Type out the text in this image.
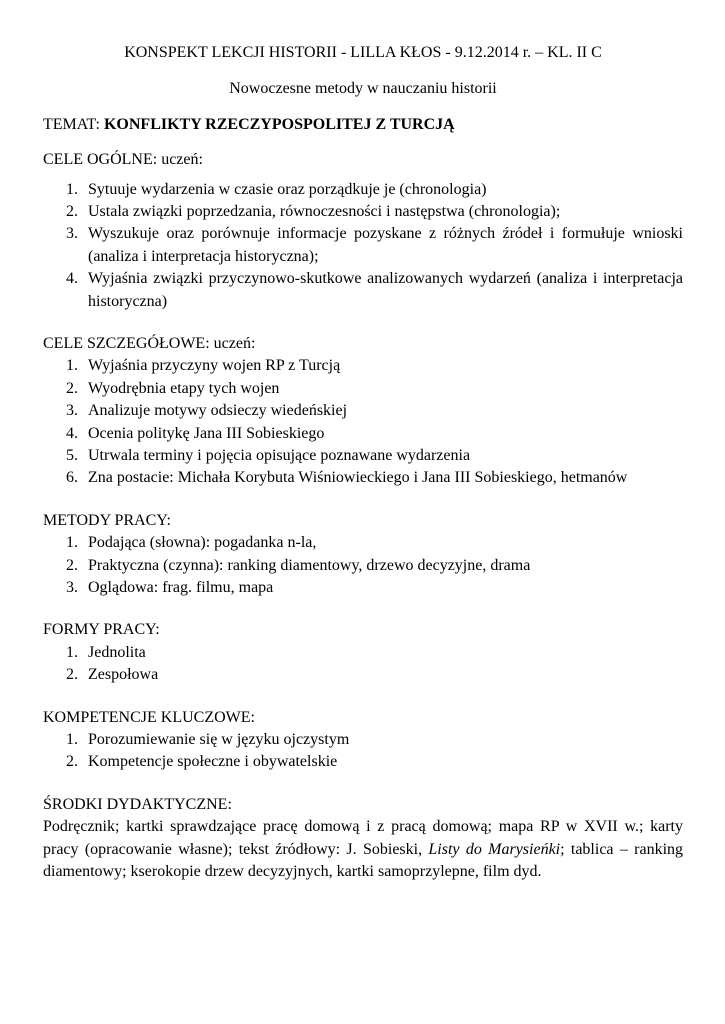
KONSPEKT LEKCJI HISTORII - LILLA KŁOS - 9.12.2014 r. – KL. II C
Nowoczesne metody w nauczaniu historii
TEMAT: KONFLIKTY RZECZYPOSPOLITEJ Z TURCJĄ
CELE OGÓLNE: uczeń:
1. Sytuuje wydarzenia w czasie oraz porządkuje je (chronologia)
2. Ustala związki poprzedzania, równoczesności i następstwa (chronologia);
3. Wyszukuje oraz porównuje informacje pozyskane z różnych źródeł i formułuje wnioski (analiza i interpretacja historyczna);
4. Wyjaśnia związki przyczynowo-skutkowe analizowanych wydarzeń (analiza i interpretacja historyczna)
CELE SZCZEGÓŁOWE: uczeń:
1. Wyjaśnia przyczyny wojen RP z Turcją
2. Wyodrębnia etapy tych wojen
3. Analizuje motywy odsieczy wiedeńskiej
4. Ocenia politykę Jana III Sobieskiego
5. Utrwala terminy i pojęcia opisujące poznawane wydarzenia
6. Zna postacie: Michała Korybuta Wiśniowieckiego i Jana III Sobieskiego, hetmanów
METODY PRACY:
1. Podająca (słowna): pogadanka n-la,
2. Praktyczna (czynna): ranking diamentowy, drzewo decyzyjne, drama
3. Oglądowa: frag. filmu, mapa
FORMY PRACY:
1. Jednolita
2. Zespołowa
KOMPETENCJE KLUCZOWE:
1. Porozumiewanie się w języku ojczystym
2. Kompetencje społeczne i obywatelskie
ŚRODKI DYDAKTYCZNE:

Podręcznik; kartki sprawdzające pracę domową i z pracą domową; mapa RP w XVII w.; karty pracy (opracowanie własne); tekst źródłowy: J. Sobieski, Listy do Marysieńki; tablica – ranking diamentowy; kserokopie drzew decyzyjnych, kartki samoprzylepne, film dyd.
